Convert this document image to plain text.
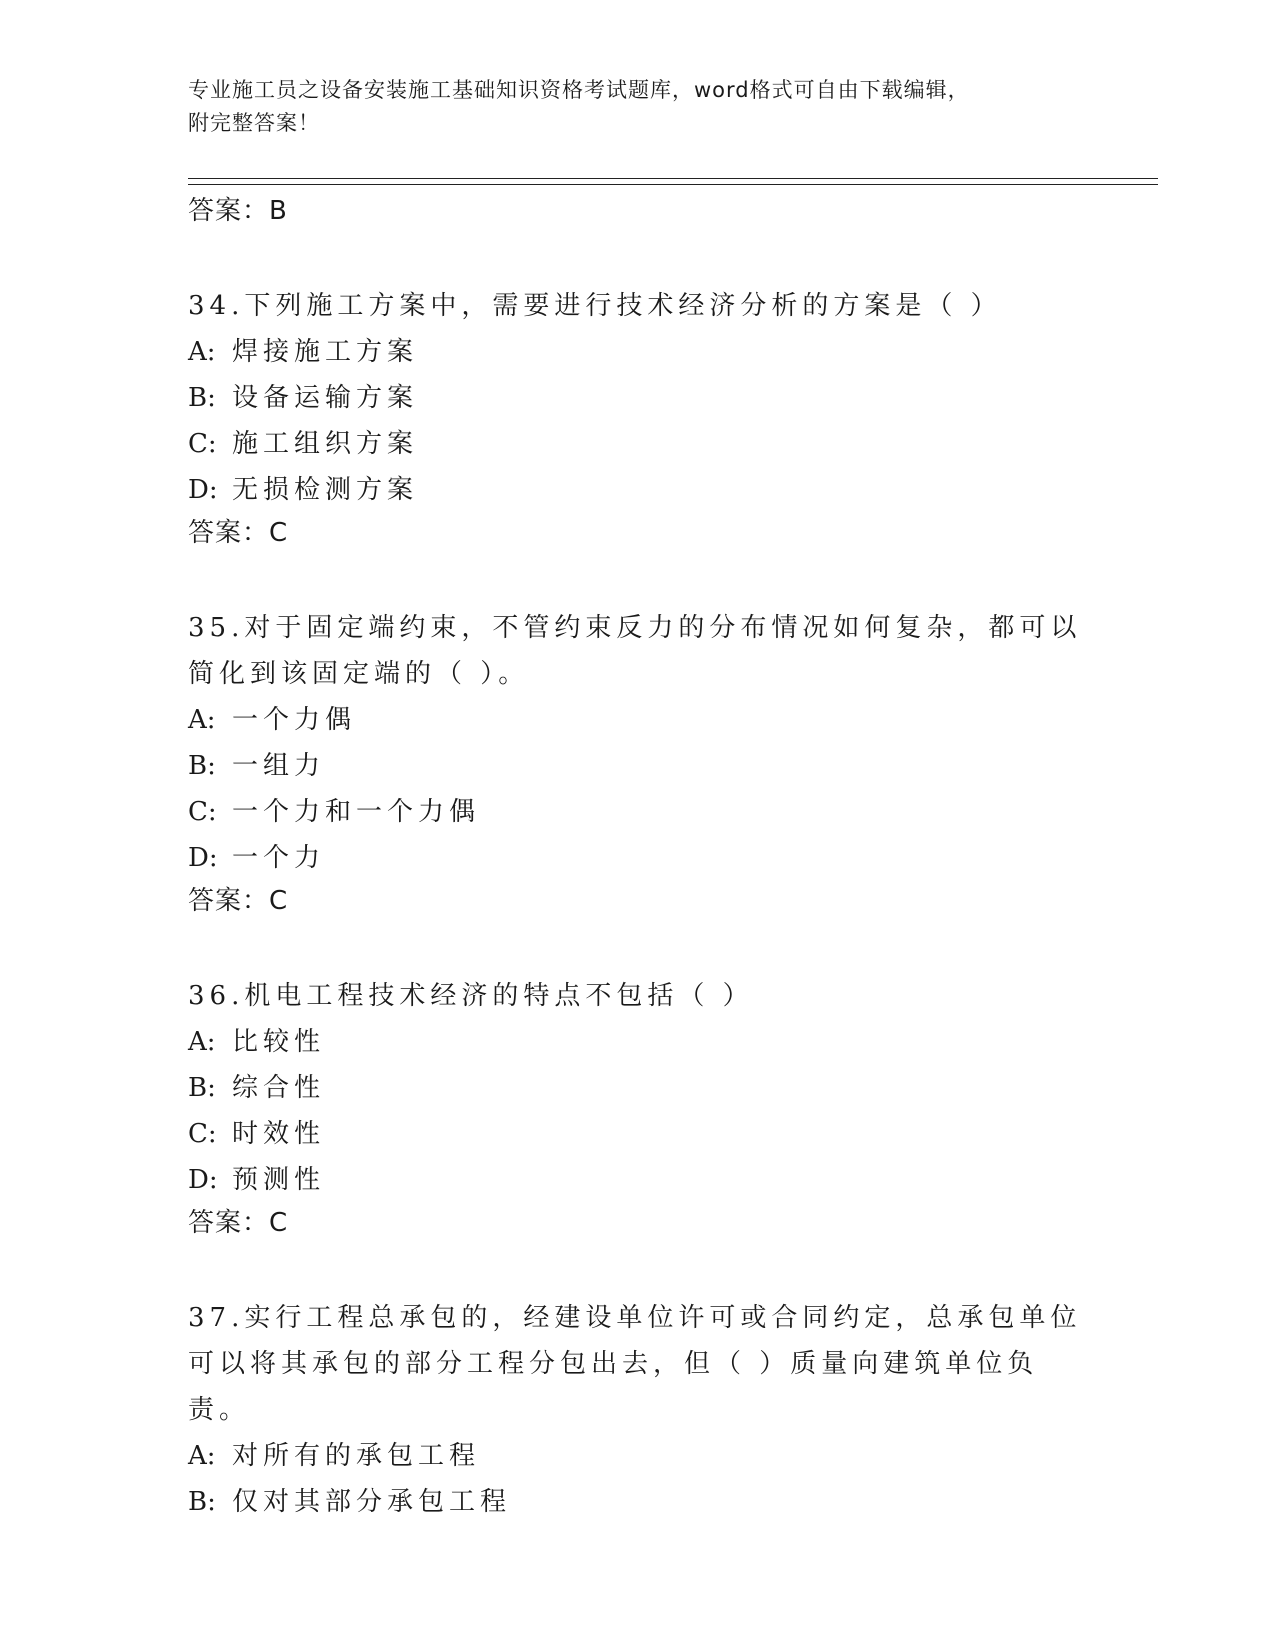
专业施工员之设备安装施工基础知识资格考试题库，word格式可自由下载编辑，
附完整答案！
答案：B
34.下列施工方案中，需要进行技术经济分析的方案是（ ）
A: 焊接施工方案
B: 设备运输方案
C: 施工组织方案
D: 无损检测方案
答案：C
35.对于固定端约束，不管约束反力的分布情况如何复杂，都可以简化到该固定端的（ ）。
A: 一个力偶
B: 一组力
C: 一个力和一个力偶
D: 一个力
答案：C
36.机电工程技术经济的特点不包括（ ）
A: 比较性
B: 综合性
C: 时效性
D: 预测性
答案：C
37.实行工程总承包的，经建设单位许可或合同约定，总承包单位可以将其承包的部分工程分包出去，但（ ）质量向建筑单位负责。
A: 对所有的承包工程
B: 仅对其部分承包工程
